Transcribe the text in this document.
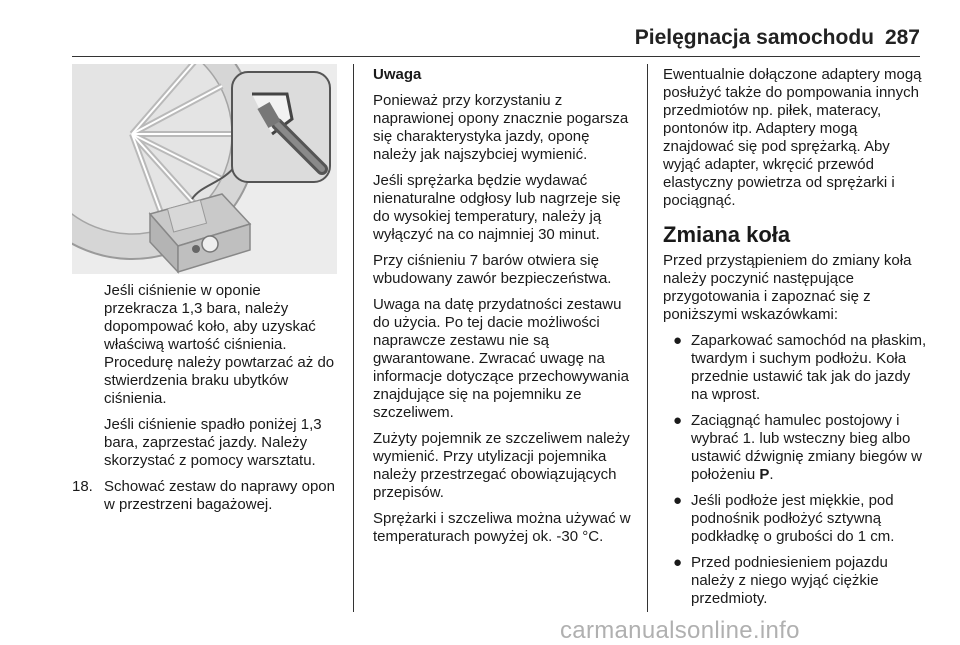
Pielęgnacja samochodu 287

Jeśli ciśnienie w oponie przekracza 1,3 bara, należy dopompować koło, aby uzyskać właściwą wartość ciśnienia. Procedurę należy powtarzać aż do stwierdzenia braku ubytków ciśnienia.

Jeśli ciśnienie spadło poniżej 1,3 bara, zaprzestać jazdy. Należy skorzystać z pomocy warsztatu.

18. Schować zestaw do naprawy opon w przestrzeni bagażowej.

Uwaga

Ponieważ przy korzystaniu z naprawionej opony znacznie pogarsza się charakterystyka jazdy, oponę należy jak najszybciej wymienić.

Jeśli sprężarka będzie wydawać nienaturalne odgłosy lub nagrzeje się do wysokiej temperatury, należy ją wyłączyć na co najmniej 30 minut.

Przy ciśnieniu 7 barów otwiera się wbudowany zawór bezpieczeństwa.

Uwaga na datę przydatności zestawu do użycia. Po tej dacie możliwości naprawcze zestawu nie są gwarantowane. Zwracać uwagę na informacje dotyczące przechowywania znajdujące się na pojemniku ze szczeliwem.

Zużyty pojemnik ze szczeliwem należy wymienić. Przy utylizacji pojemnika należy przestrzegać obowiązujących przepisów.

Sprężarki i szczeliwa można używać w temperaturach powyżej ok. -30 °C.

Ewentualnie dołączone adaptery mogą posłużyć także do pompowania innych przedmiotów np. piłek, materacy, pontonów itp. Adaptery mogą znajdować się pod sprężarką. Aby wyjąć adapter, wkręcić przewód elastyczny powietrza od sprężarki i pociągnąć.

Zmiana koła

Przed przystąpieniem do zmiany koła należy poczynić następujące przygotowania i zapoznać się z poniższymi wskazówkami:

● Zaparkować samochód na płaskim, twardym i suchym podłożu. Koła przednie ustawić tak jak do jazdy na wprost.
● Zaciągnąć hamulec postojowy i wybrać 1. lub wsteczny bieg albo ustawić dźwignię zmiany biegów w położeniu P.
● Jeśli podłoże jest miękkie, pod podnośnik podłożyć sztywną podkładkę o grubości do 1 cm.
● Przed podniesieniem pojazdu należy z niego wyjąć ciężkie przedmioty.
carmanualsonline.info
